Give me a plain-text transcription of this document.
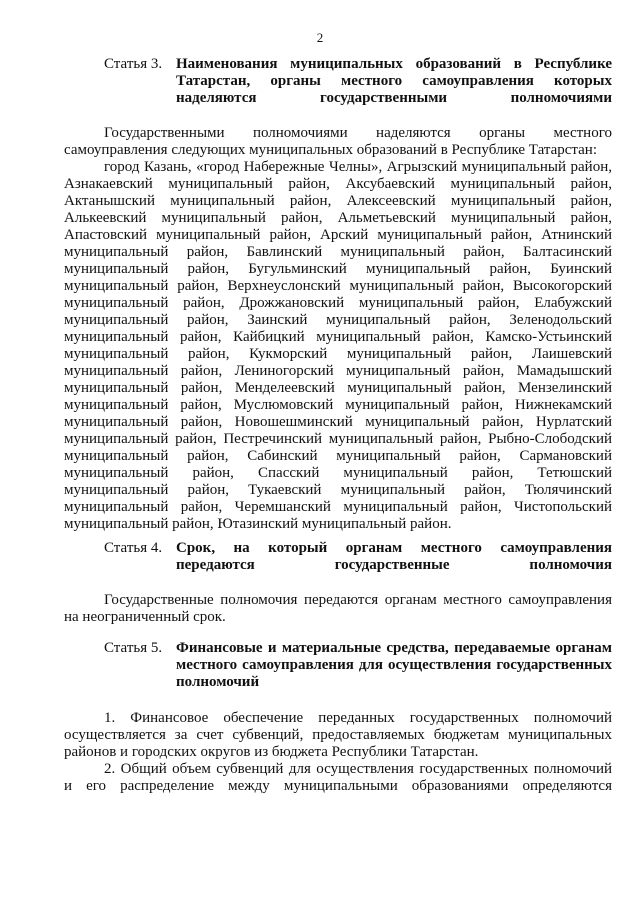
2
Статья 3. Наименования муниципальных образований в Республике
Татарстан, органы местного самоуправления которых
наделяются государственными полномочиями
Государственными полномочиями наделяются органы местного
самоуправления следующих муниципальных образований в Республике Татарстан:
город Казань, «город Набережные Челны», Агрызский муниципальный район,
Азнакаевский муниципальный район, Аксубаевский муниципальный район,
Актанышский муниципальный район, Алексеевский муниципальный район,
Алькеевский муниципальный район, Альметьевский муниципальный район,
Апастовский муниципальный район, Арский муниципальный район, Атнинский
муниципальный район, Бавлинский муниципальный район, Балтасинский
муниципальный район, Бугульминский муниципальный район, Буинский
муниципальный район, Верхнеуслонский муниципальный район, Высокогорский
муниципальный район, Дрожжановский муниципальный район, Елабужский
муниципальный район, Заинский муниципальный район, Зеленодольский
муниципальный район, Кайбицкий муниципальный район, Камско-Устьинский
муниципальный район, Кукморский муниципальный район, Лаишевский
муниципальный район, Лениногорский муниципальный район, Мамадышский
муниципальный район, Менделеевский муниципальный район, Мензелинский
муниципальный район, Муслюмовский муниципальный район, Нижнекамский
муниципальный район, Новошешминский муниципальный район, Нурлатский
муниципальный район, Пестречинский муниципальный район, Рыбно-Слободский
муниципальный район, Сабинский муниципальный район, Сармановский
муниципальный район, Спасский муниципальный район, Тетюшский
муниципальный район, Тукаевский муниципальный район, Тюлячинский
муниципальный район, Черемшанский муниципальный район, Чистопольский
муниципальный район, Ютазинский муниципальный район.
Статья 4. Срок, на который органам местного самоуправления
передаются государственные полномочия
Государственные полномочия передаются органам местного самоуправления
на неограниченный срок.
Статья 5. Финансовые и материальные средства, передаваемые органам
местного самоуправления для осуществления государственных
полномочий
1. Финансовое обеспечение переданных государственных полномочий
осуществляется за счет субвенций, предоставляемых бюджетам муниципальных
районов и городских округов из бюджета Республики Татарстан.
2. Общий объем субвенций для осуществления государственных полномочий
и его распределение между муниципальными образованиями определяются
